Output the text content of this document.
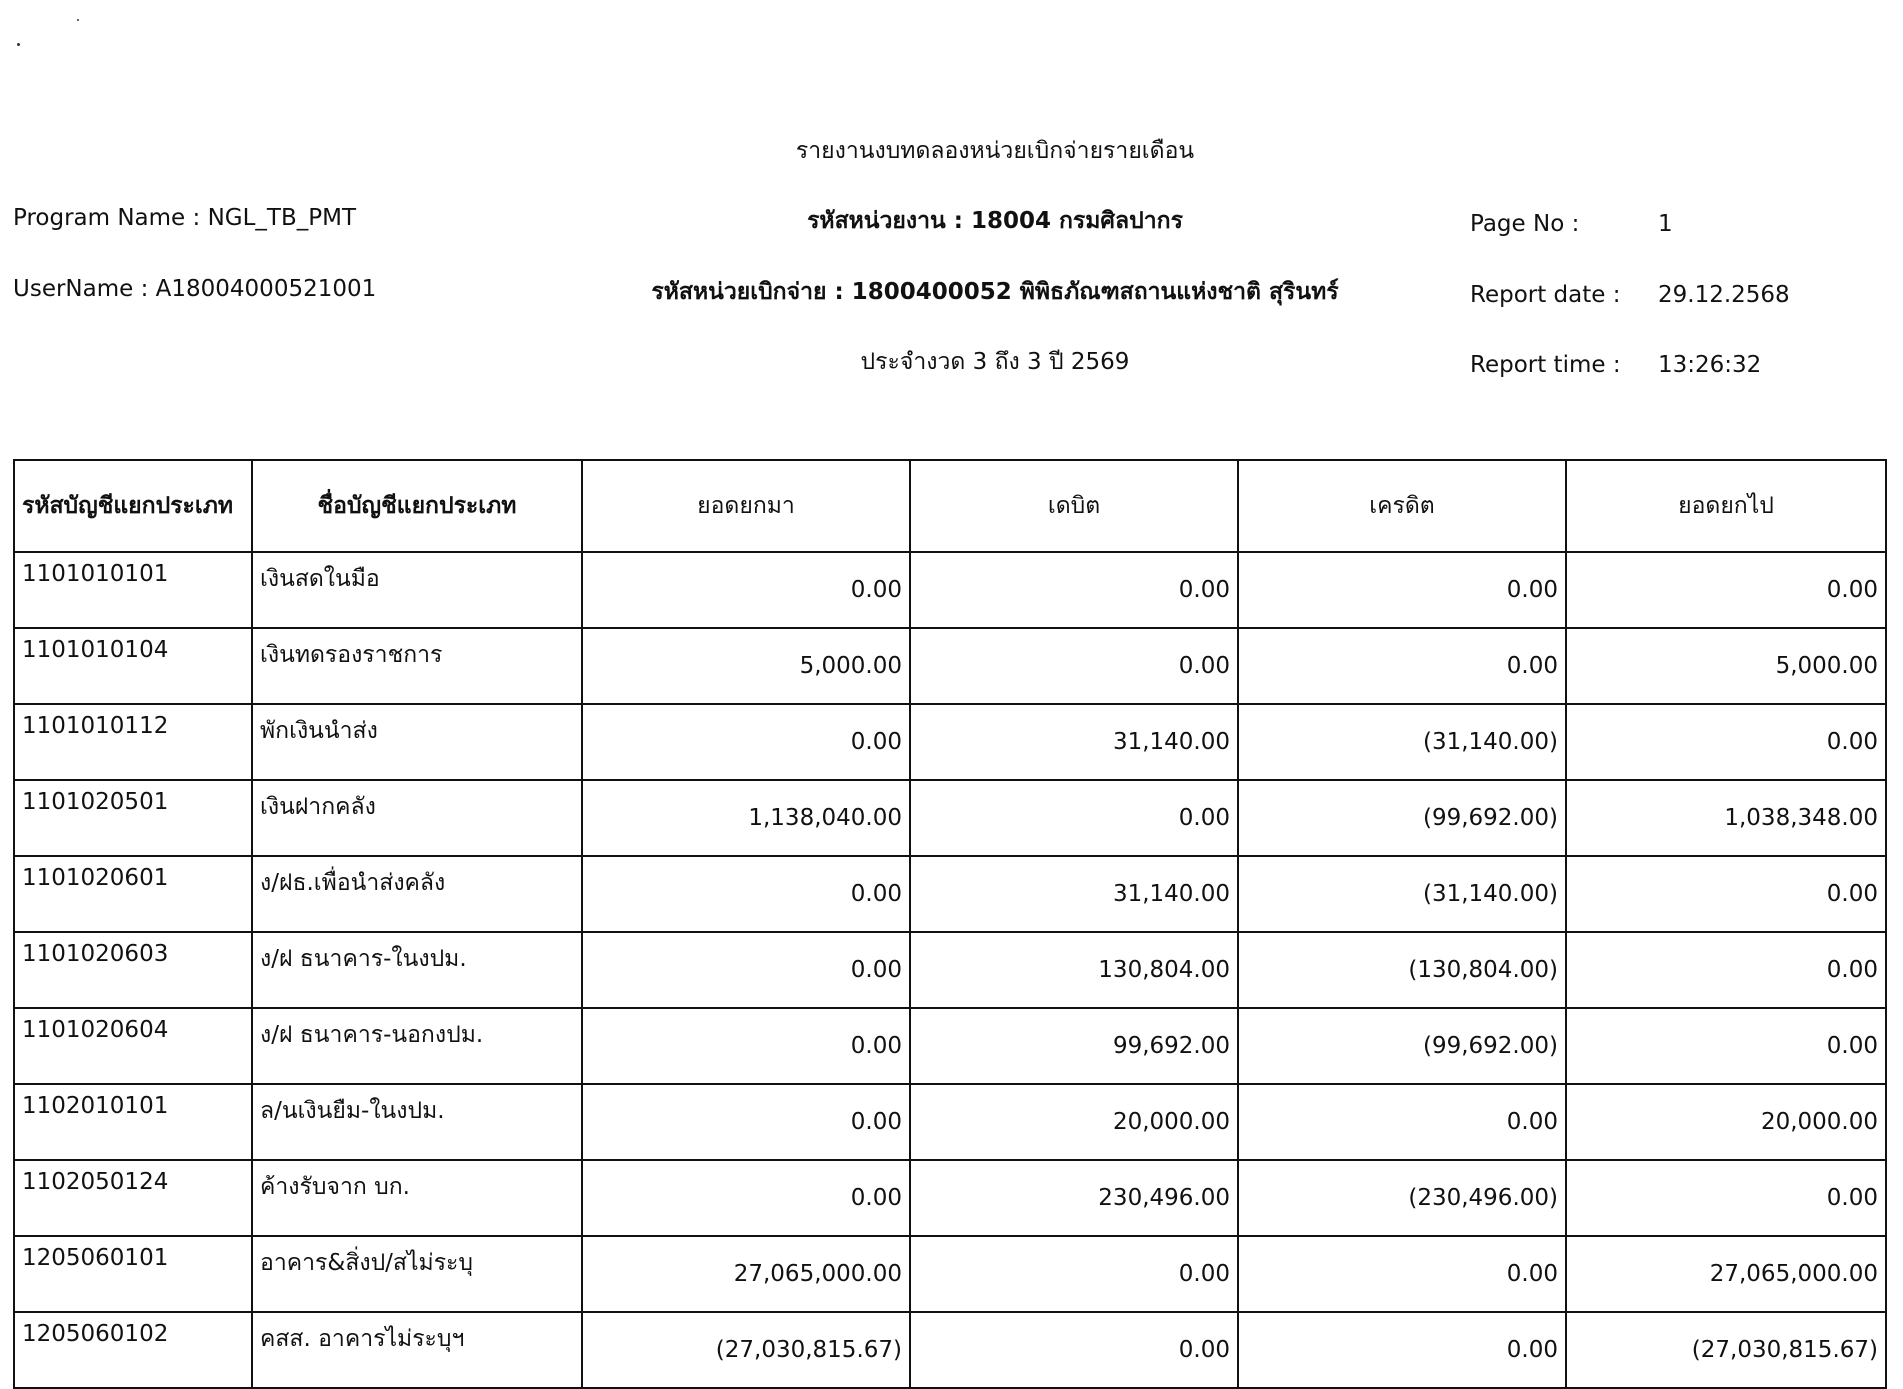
รายงานงบทดลองหน่วยเบิกจ่ายรายเดือน
Program Name : NGL_TB_PMT	รหัสหน่วยงาน : 18004 กรมศิลปากร	Page No :	1
UserName : A18004000521001	รหัสหน่วยเบิกจ่าย : 1800400052 พิพิธภัณฑสถานแห่งชาติ สุรินทร์	Report date : 29.12.2568
ประจำงวด 3 ถึง 3 ปี 2569	Report time : 13:26:32
รหัสบัญชีแยกประเภท	ชื่อบัญชีแยกประเภท	ยอดยกมา	เดบิต	เครดิต	ยอดยกไป
1101010101	เงินสดในมือ	0.00	0.00	0.00	0.00
1101010104	เงินทดรองราชการ	5,000.00	0.00	0.00	5,000.00
1101010112	พักเงินนำส่ง	0.00	31,140.00	(31,140.00)	0.00
1101020501	เงินฝากคลัง	1,138,040.00	0.00	(99,692.00)	1,038,348.00
1101020601	ง/ฝธ.เพื่อนำส่งคลัง	0.00	31,140.00	(31,140.00)	0.00
1101020603	ง/ฝ ธนาคาร-ในงปม.	0.00	130,804.00	(130,804.00)	0.00
1101020604	ง/ฝ ธนาคาร-นอกงปม.	0.00	99,692.00	(99,692.00)	0.00
1102010101	ล/นเงินยืม-ในงปม.	0.00	20,000.00	0.00	20,000.00
1102050124	ค้างรับจาก บก.	0.00	230,496.00	(230,496.00)	0.00
1205060101	อาคาร&สิ่งป/สไม่ระบุ	27,065,000.00	0.00	0.00	27,065,000.00
1205060102	คสส. อาคารไม่ระบุฯ	(27,030,815.67)	0.00	0.00	(27,030,815.67)
